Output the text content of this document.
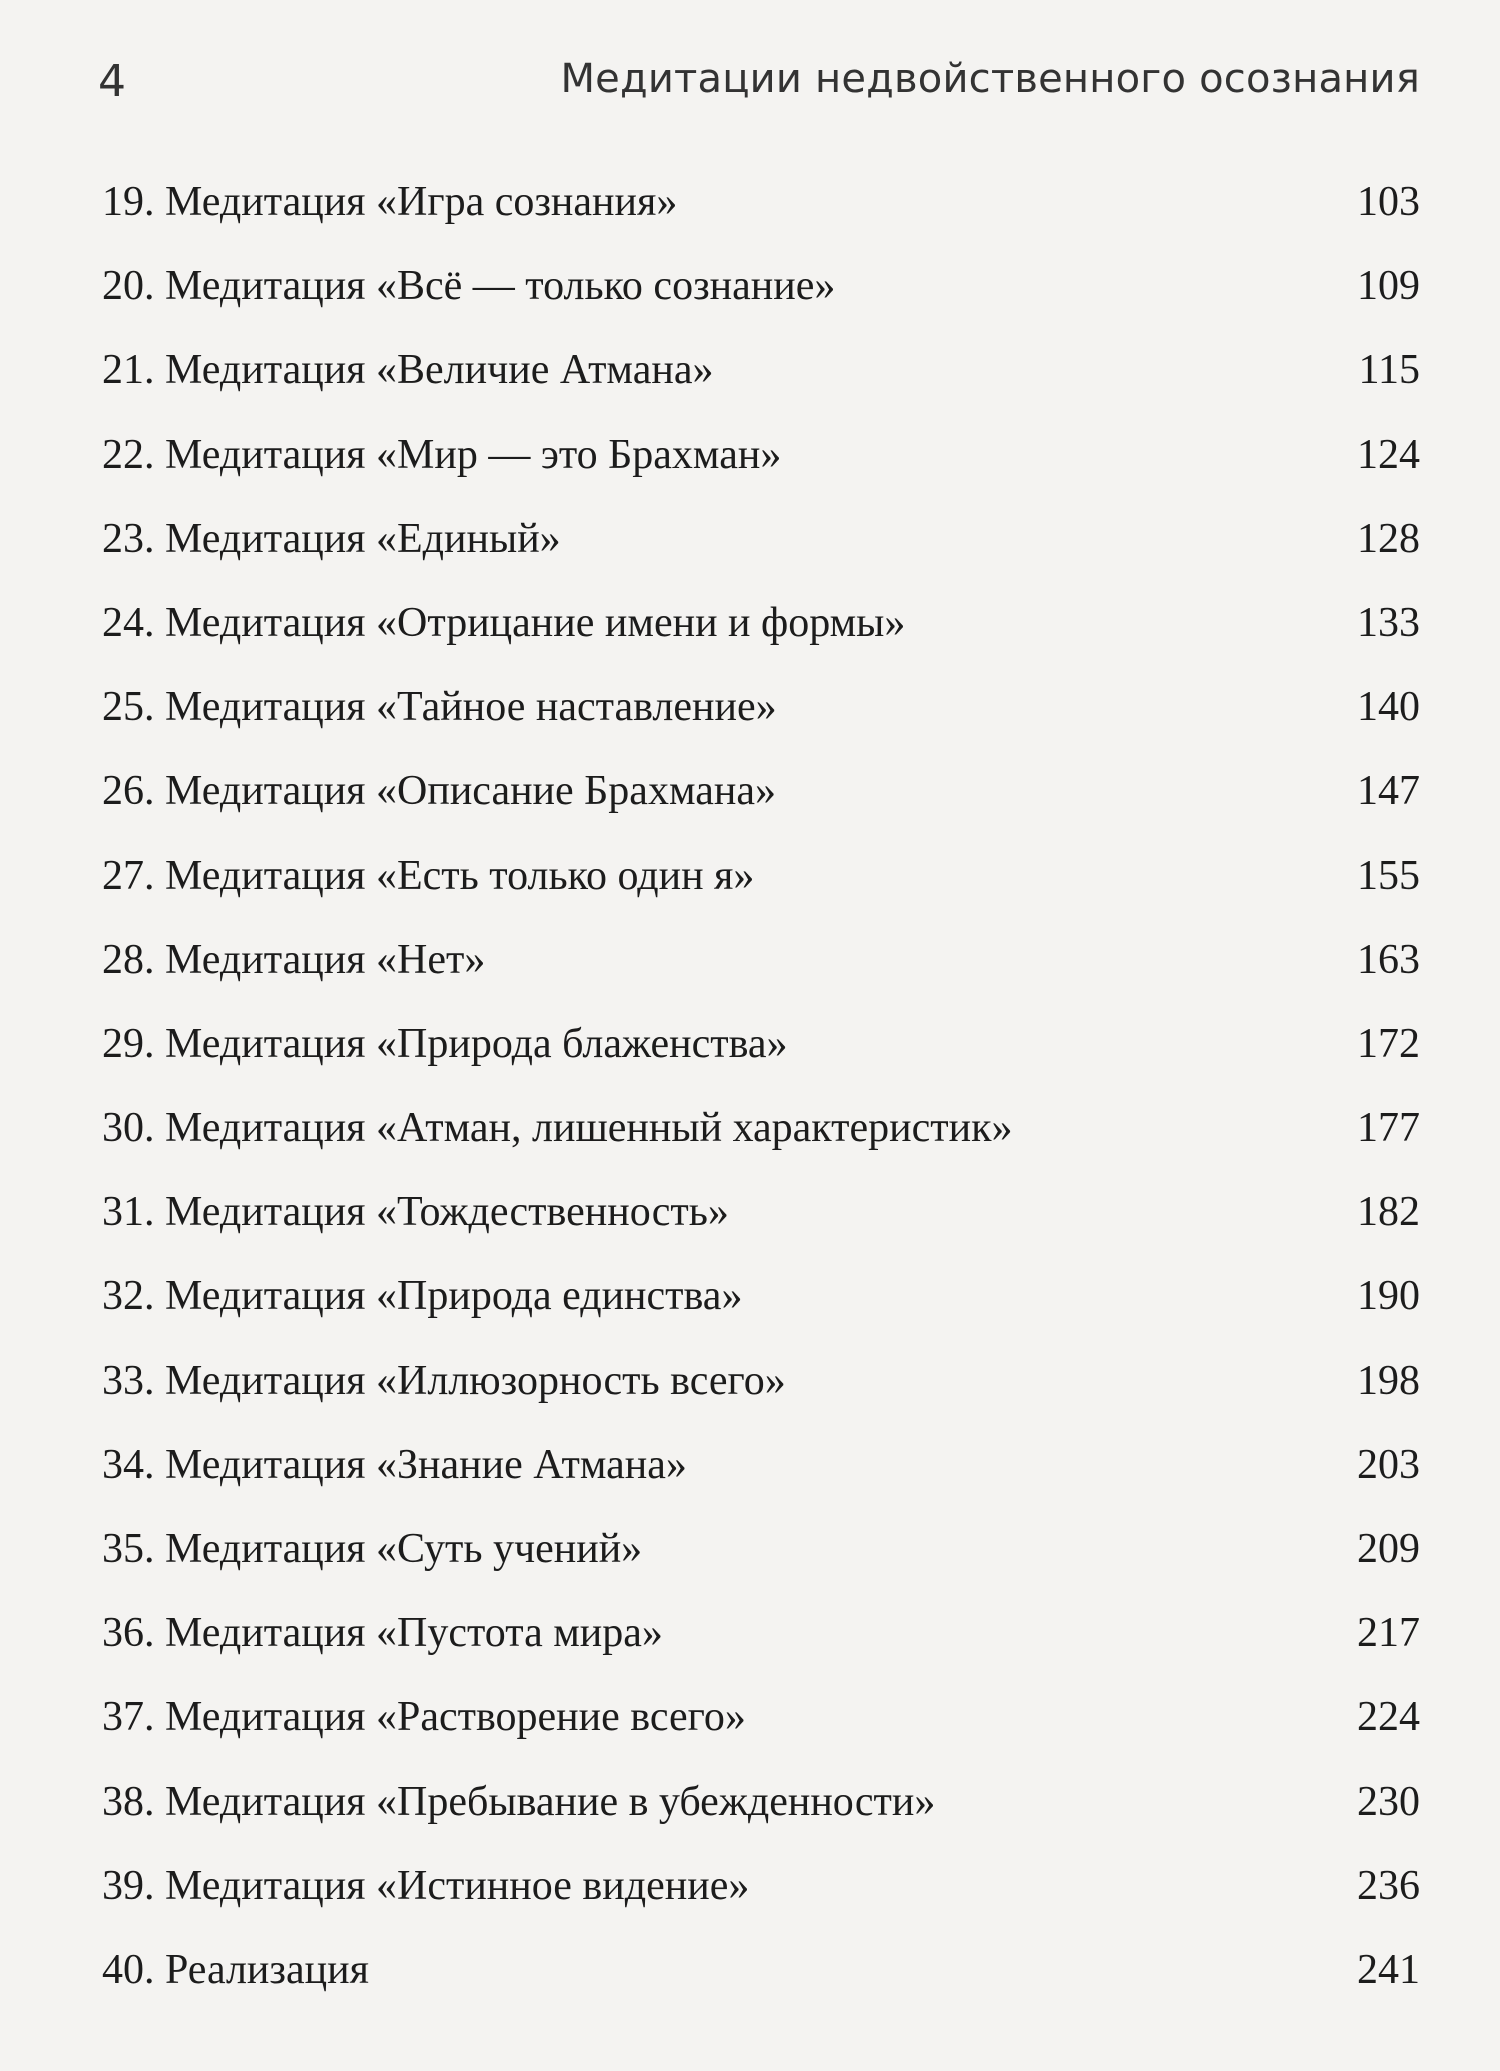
4	Медитации недвойственного осознания
19. Медитация «Игра сознания»	103
20. Медитация «Всё — только сознание»	109
21. Медитация «Величие Атмана»	115
22. Медитация «Мир — это Брахман»	124
23. Медитация «Единый»	128
24. Медитация «Отрицание имени и формы»	133
25. Медитация «Тайное наставление»	140
26. Медитация «Описание Брахмана»	147
27. Медитация «Есть только один я»	155
28. Медитация «Нет»	163
29. Медитация «Природа блаженства»	172
30. Медитация «Атман, лишенный характеристик»	177
31. Медитация «Тождественность»	182
32. Медитация «Природа единства»	190
33. Медитация «Иллюзорность всего»	198
34. Медитация «Знание Атмана»	203
35. Медитация «Суть учений»	209
36. Медитация «Пустота мира»	217
37. Медитация «Растворение всего»	224
38. Медитация «Пребывание в убежденности»	230
39. Медитация «Истинное видение»	236
40. Реализация	241
